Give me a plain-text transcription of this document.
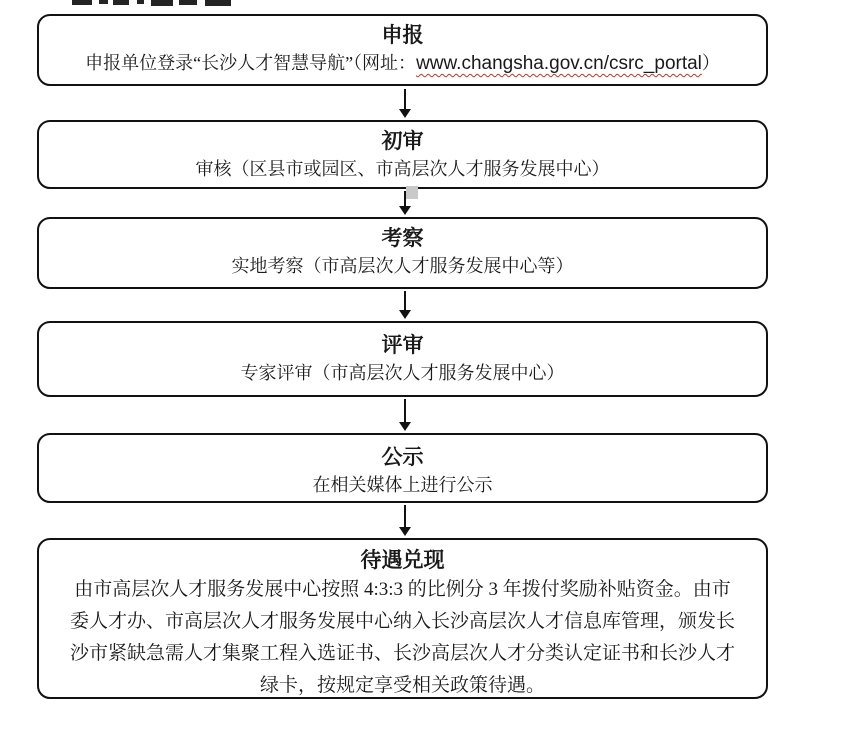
申报
申报单位登录“长沙人才智慧导航”（网址：www.changsha.gov.cn/csrc_portal）
初审
审核（区县市或园区、市高层次人才服务发展中心）
考察
实地考察（市高层次人才服务发展中心等）
评审
专家评审（市高层次人才服务发展中心）
公示
在相关媒体上进行公示
待遇兑现
由市高层次人才服务发展中心按照 4:3:3 的比例分 3 年拨付奖励补贴资金。由市委人才办、市高层次人才服务发展中心纳入长沙高层次人才信息库管理，颁发长沙市紧缺急需人才集聚工程入选证书、长沙高层次人才分类认定证书和长沙人才绿卡，按规定享受相关政策待遇。
